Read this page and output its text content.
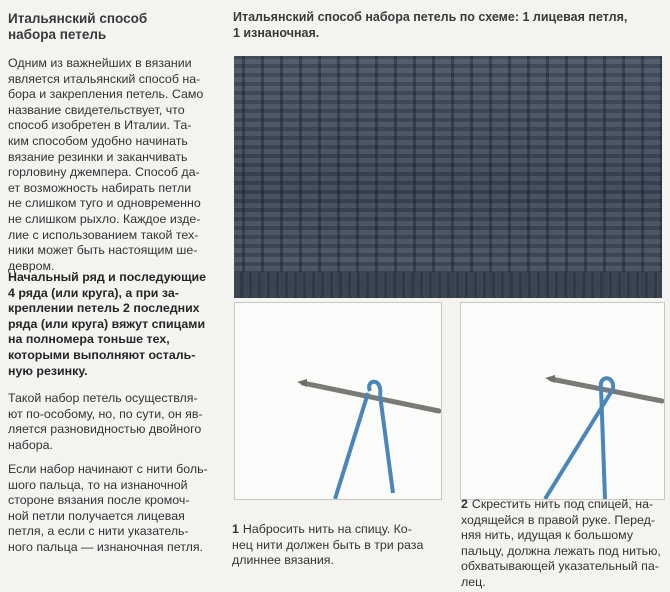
Итальянский способ
набора петель
Итальянский способ набора петель по схеме: 1 лицевая петля,
1 изнаночная.
Одним из важнейших в вязании
является итальянский способ на-
бора и закрепления петель. Само
название свидетельствует, что
способ изобретен в Италии. Та-
ким способом удобно начинать
вязание резинки и заканчивать
горловину джемпера. Способ да-
ет возможность набирать петли
не слишком туго и одновременно
не слишком рыхло. Каждое изде-
лие с использованием такой тех-
ники может быть настоящим ше-
девром.
Начальный ряд и последующие
4 ряда (или круга), а при за-
креплении петель 2 последних
ряда (или круга) вяжут спицами
на полномера тоньше тех,
которыми выполняют осталь-
ную резинку.
Такой набор петель осуществля-
ют по-особому, но, по сути, он яв-
ляется разновидностью двойного
набора.
Если набор начинают с нити боль-
шого пальца, то на изнаночной
стороне вязания после кромоч-
ной петли получается лицевая
петля, а если с нити указатель-
ного пальца — изнаночная петля.
1 Набросить нить на спицу. Ко-
нец нити должен быть в три раза
длиннее вязания.
2 Скрестить нить под спицей, на-
ходящейся в правой руке. Перед-
няя нить, идущая к большому
пальцу, должна лежать под нитью,
обхватывающей указательный па-
лец.
